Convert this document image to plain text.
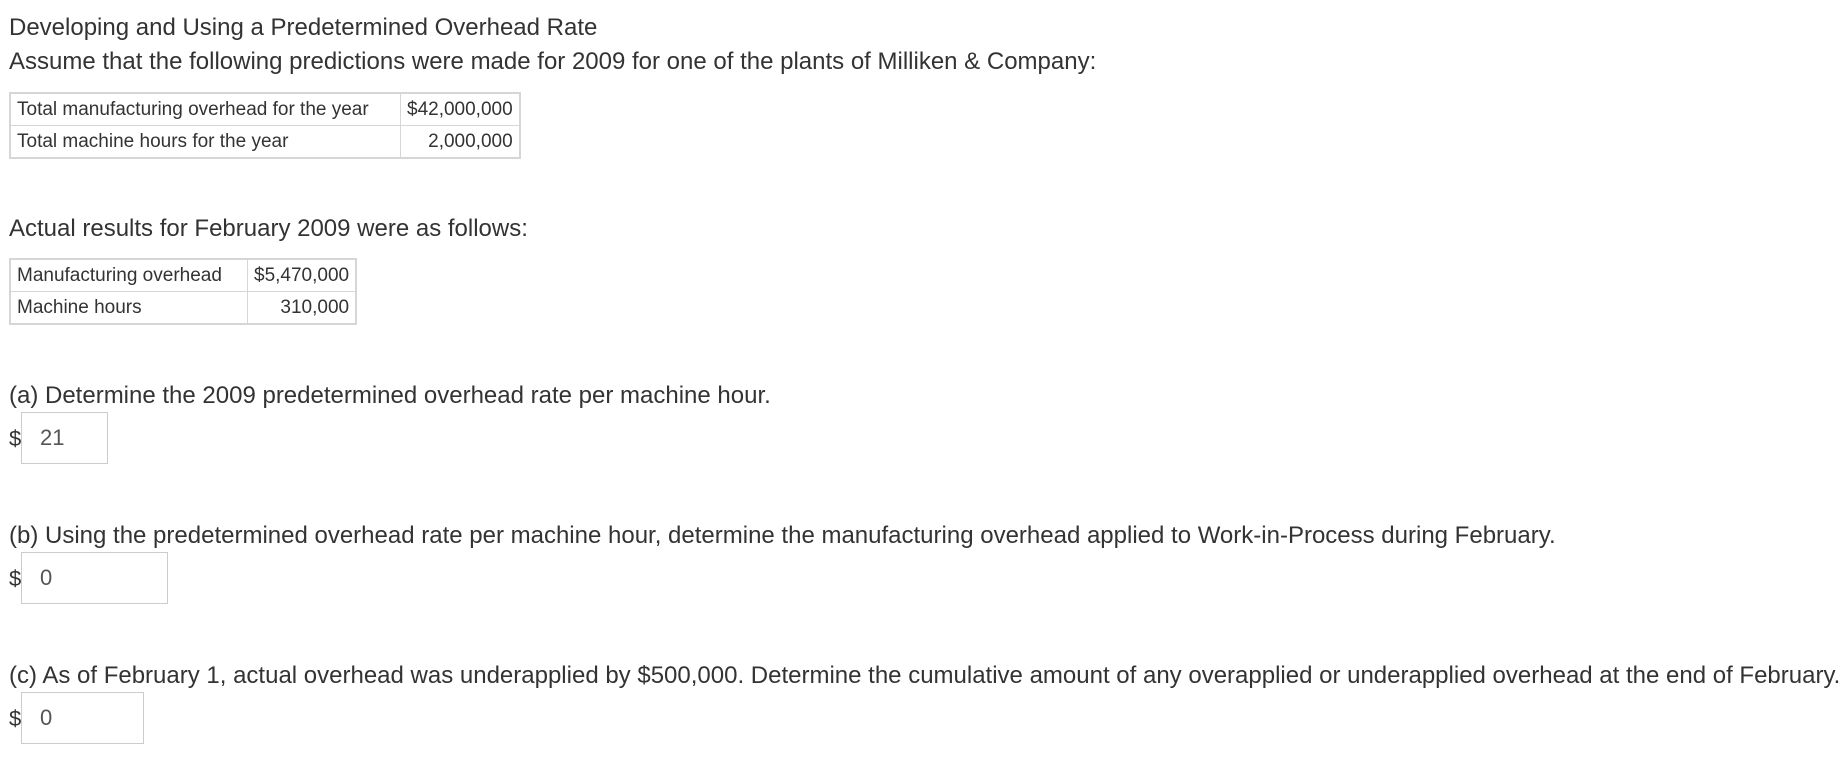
Developing and Using a Predetermined Overhead Rate
Assume that the following predictions were made for 2009 for one of the plants of Milliken & Company:
Total manufacturing overhead for the year	$42,000,000
Total machine hours for the year	2,000,000
Actual results for February 2009 were as follows:
Manufacturing overhead	$5,470,000
Machine hours	310,000
(a) Determine the 2009 predetermined overhead rate per machine hour.
$
21
(b) Using the predetermined overhead rate per machine hour, determine the manufacturing overhead applied to Work-in-Process during February.
$
0
(c) As of February 1, actual overhead was underapplied by $500,000. Determine the cumulative amount of any overapplied or underapplied overhead at the end of February.
$
0
